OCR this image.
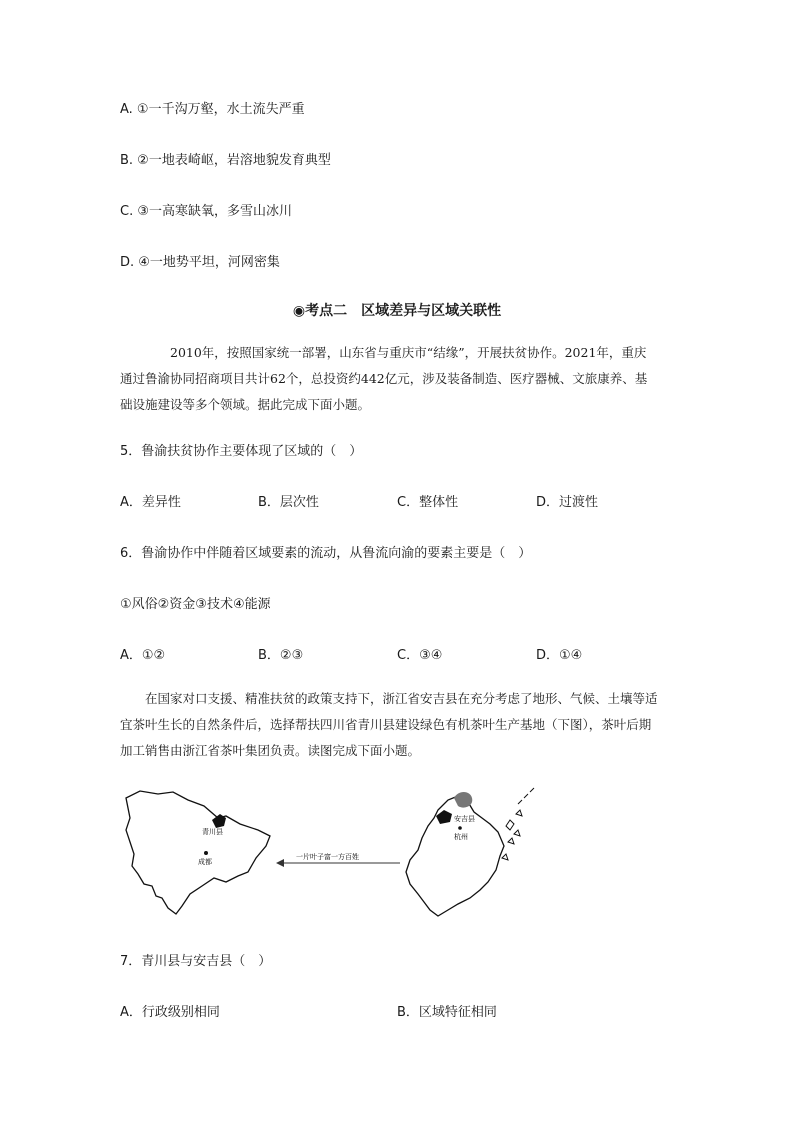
A. ①一千沟万壑，水土流失严重
B. ②一地表崎岖，岩溶地貌发育典型
C. ③一高寒缺氧，多雪山冰川
D. ④一地势平坦，河网密集
◉考点二　区域差异与区域关联性

2010年，按照国家统一部署，山东省与重庆市“结缘”，开展扶贫协作。2021年，重庆通过鲁渝协同招商项目共计62个，总投资约442亿元，涉及装备制造、医疗器械、文旅康养、基础设施建设等多个领域。据此完成下面小题。

5．鲁渝扶贫协作主要体现了区域的（　）
A．差异性	B．层次性	C．整体性	D．过渡性
6．鲁渝协作中伴随着区域要素的流动，从鲁流向渝的要素主要是（　）
①风俗②资金③技术④能源
A．①②	B．②③	C．③④	D．①④

在国家对口支援、精准扶贫的政策支持下，浙江省安吉县在充分考虑了地形、气候、土壤等适宜茶叶生长的自然条件后，选择帮扶四川省青川县建设绿色有机茶叶生产基地（下图），茶叶后期加工销售由浙江省茶叶集团负责。读图完成下面小题。

青川县
成都
一片叶子富一方百姓
安吉县
杭州
7．青川县与安吉县（　）
A．行政级别相同	B．区域特征相同
